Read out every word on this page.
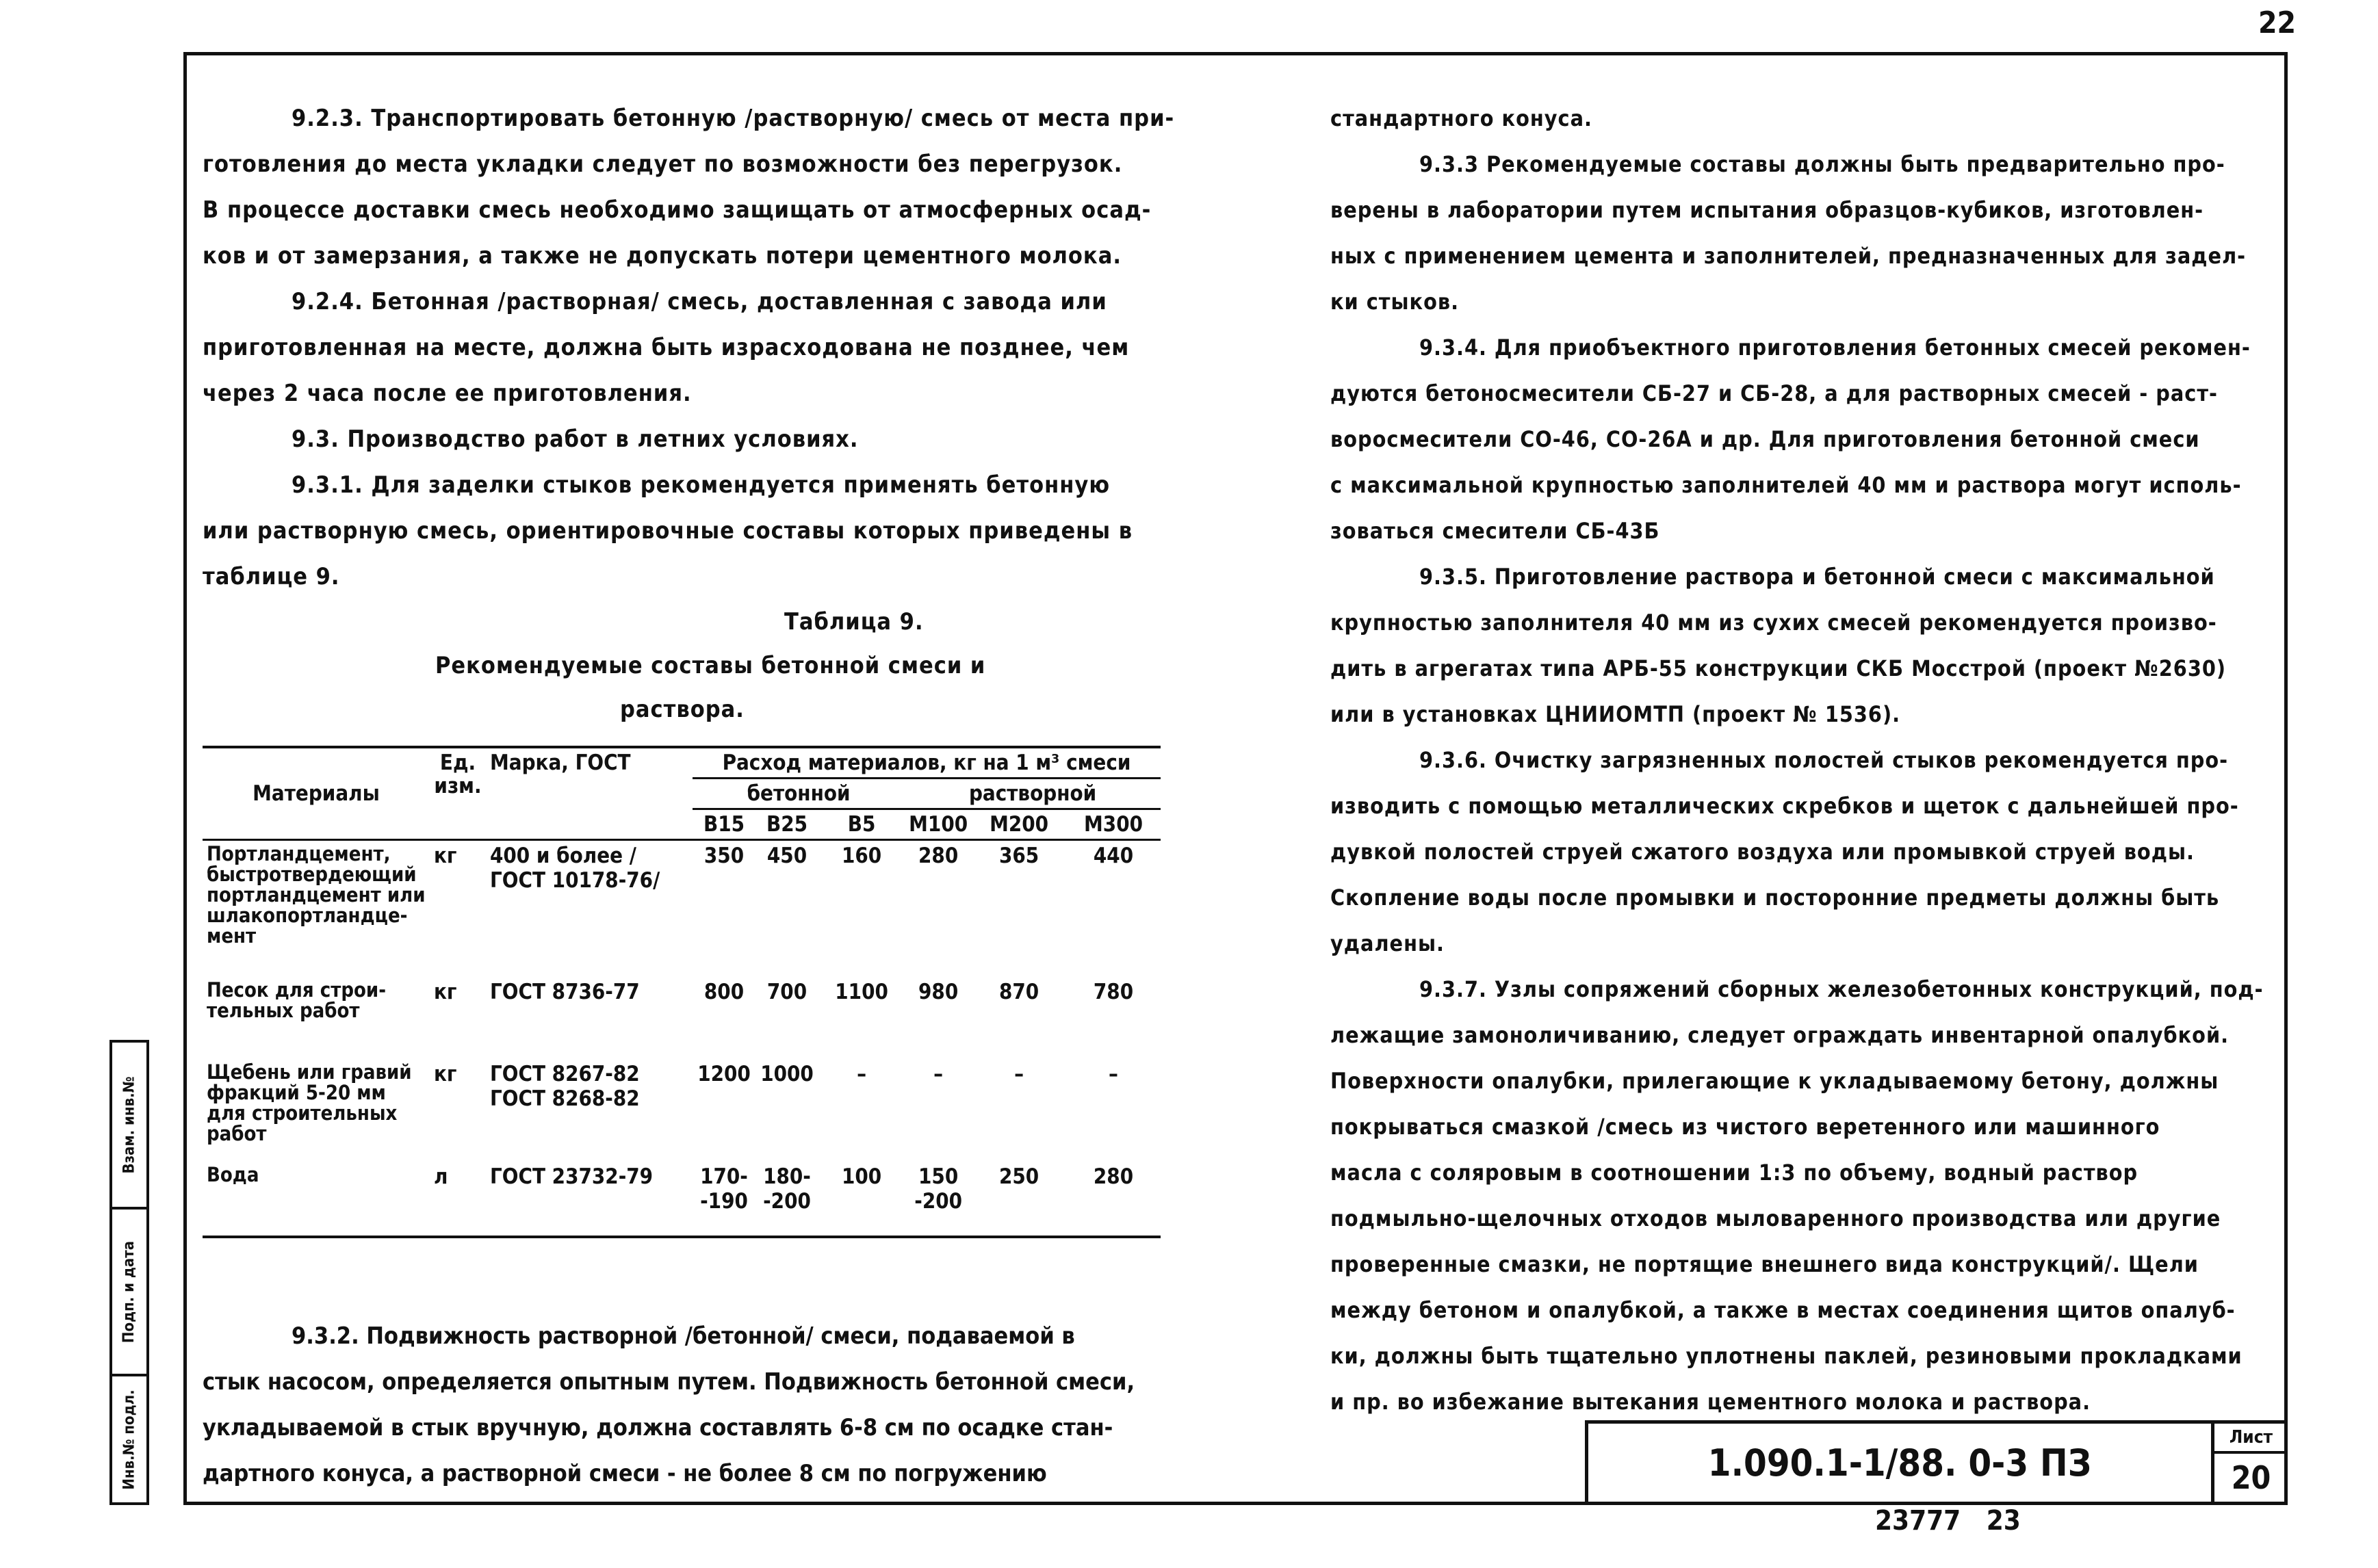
22

9.2.3. Транспортировать бетонную /растворную/ смесь от места при-

готовления до места укладки следует по возможности без перегрузок.

В процессе доставки смесь необходимо защищать от атмосферных осад-

ков и от замерзания, а также не допускать потери цементного молока.

9.2.4. Бетонная /растворная/ смесь, доставленная с завода или

приготовленная на месте, должна быть израсходована не позднее, чем

через 2 часа после ее приготовления.

9.3. Производство работ в летних условиях.

9.3.1. Для заделки стыков рекомендуется применять бетонную

или растворную смесь, ориентировочные составы которых приведены в

таблице 9.

Таблица 9.

Рекомендуемые составы бетонной смеси и

раствора.

Материалы	Ед. изм.	Марка, ГОСТ	Расход материалов, кг на 1 м³ смеси					
			бетонной			растворной		
			В15	В25	В5	М100	М200	М300
Портландцемент, быстротвердеющий портландцемент или шлакопортландце- мент	кг	400 и более /ГОСТ 10178-76/	350	450	160	280	365	440
Песок для строи- тельных работ	кг	ГОСТ 8736-77	800	700	1100	980	870	780
Щебень или гравий фракций 5-20 мм для строительных работ	кг	ГОСТ 8267-82 ГОСТ 8268-82	1200	1000	–	–	–	–
Вода	л	ГОСТ 23732-79	170- -190	180- -200	100	150 -200	250	280

9.3.2. Подвижность растворной /бетонной/ смеси, подаваемой в

стык насосом, определяется опытным путем. Подвижность бетонной смеси,

укладываемой в стык вручную, должна составлять 6-8 см по осадке стан-

дартного конуса, а растворной смеси - не более 8 см по погружению

стандартного конуса.

9.3.3 Рекомендуемые составы должны быть предварительно про-

верены в лаборатории путем испытания образцов-кубиков, изготовлен-

ных с применением цемента и заполнителей, предназначенных для задел-

ки стыков.

9.3.4. Для приобъектного приготовления бетонных смесей рекомен-

дуются бетоносмесители СБ-27 и СБ-28, а для растворных смесей - раст-

воросмесители СО-46, СО-26А и др. Для приготовления бетонной смеси

с максимальной крупностью заполнителей 40 мм и раствора могут исполь-

зоваться смесители СБ-43Б

9.3.5. Приготовление раствора и бетонной смеси с максимальной

крупностью заполнителя 40 мм из сухих смесей рекомендуется произво-

дить в агрегатах типа АРБ-55 конструкции СКБ Мосстрой (проект №2630)

или в установках ЦНИИОМТП (проект № 1536).

9.3.6. Очистку загрязненных полостей стыков рекомендуется про-

изводить с помощью металлических скребков и щеток с дальнейшей про-

дувкой полостей струей сжатого воздуха или промывкой струей воды.

Скопление воды после промывки и посторонние предметы должны быть

удалены.

9.3.7. Узлы сопряжений сборных железобетонных конструкций, под-

лежащие замоноличиванию, следует ограждать инвентарной опалубкой.

Поверхности опалубки, прилегающие к укладываемому бетону, должны

покрываться смазкой /смесь из чистого веретенного или машинного

масла с соляровым в соотношении 1:3 по объему, водный раствор

подмыльно-щелочных отходов мыловаренного производства или другие

проверенные смазки, не портящие внешнего вида конструкций/. Щели

между бетоном и опалубкой, а также в местах соединения щитов опалуб-

ки, должны быть тщательно уплотнены паклей, резиновыми прокладками

и пр. во избежание вытекания цементного молока и раствора.

Взам. инв.№
Подп. и дата
Инв.№ подл.	1.090.1-1/88. 0-3 ПЗ
Лист
20
23777   23
